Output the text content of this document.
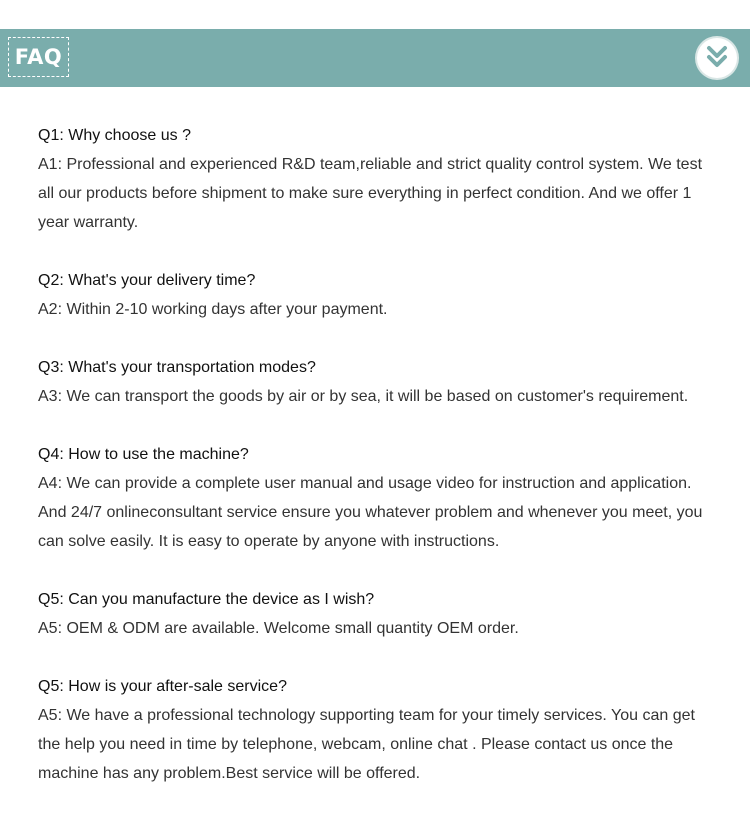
FAQ

Q1: Why choose us ?

A1: Professional and experienced R&D team,reliable and strict quality control system. We test all our products before shipment to make sure everything in perfect condition. And we offer 1 year warranty.

Q2: What's your delivery time?

A2: Within 2-10 working days after your payment.

Q3: What's your transportation modes?

A3: We can transport the goods by air or by sea, it will be based on customer's requirement.

Q4: How to use the machine?

A4: We can provide a complete user manual and usage video for instruction and application. And 24/7 onlineconsultant service ensure you whatever problem and whenever you meet, you can solve easily. It is easy to operate by anyone with instructions.

Q5: Can you manufacture the device as I wish?

A5: OEM & ODM are available. Welcome small quantity OEM order.

Q5: How is your after-sale service?

A5: We have a professional technology supporting team for your timely services. You can get the help you need in time by telephone, webcam, online chat . Please contact us once the machine has any problem.Best service will be offered.
